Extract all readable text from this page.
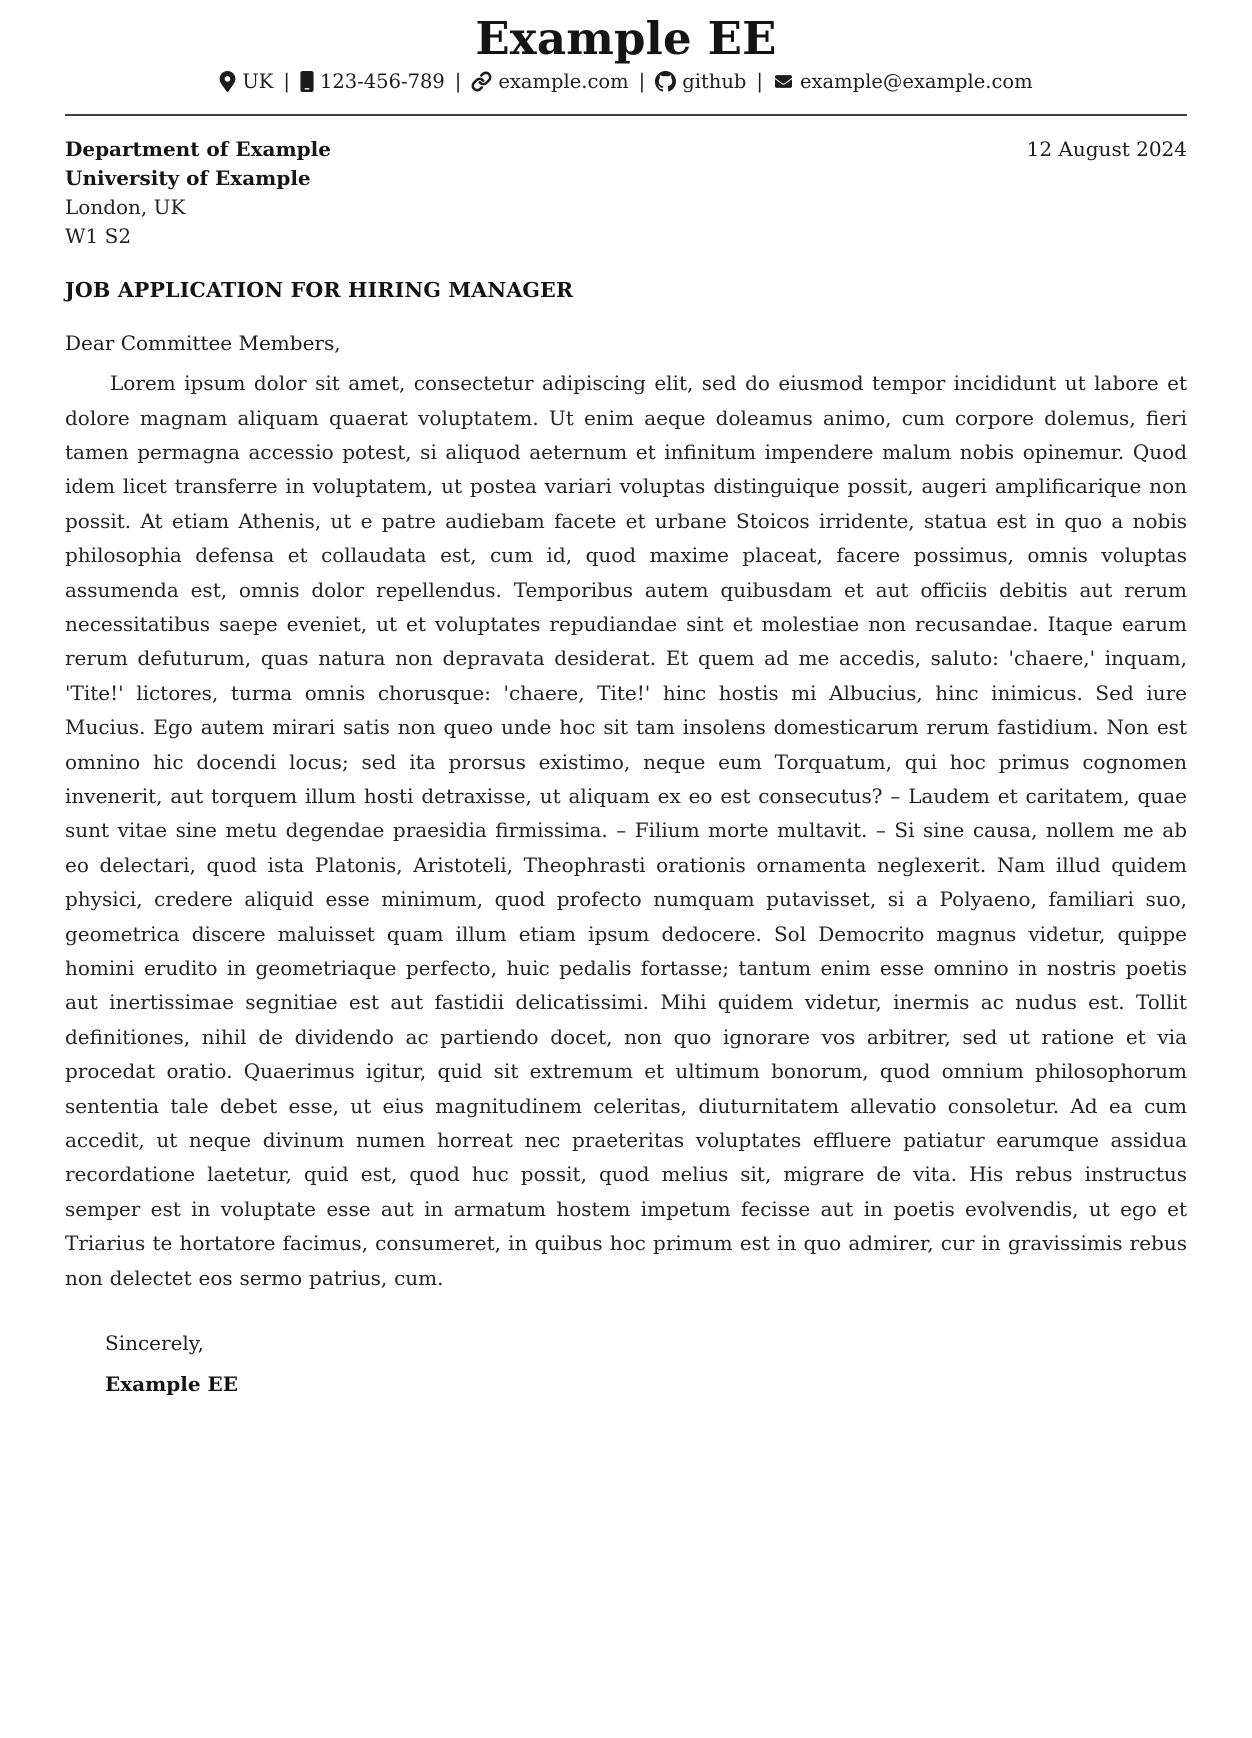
Example EE
UK | 123-456-789 | example.com | github | example@example.com
Department of Example
University of Example
London, UK
W1 S2
12 August 2024
JOB APPLICATION FOR HIRING MANAGER
Dear Committee Members,

Lorem ipsum dolor sit amet, consectetur adipiscing elit, sed do eiusmod tempor incididunt ut labore et dolore magnam aliquam quaerat voluptatem. Ut enim aeque doleamus animo, cum corpore dolemus, fieri tamen permagna accessio potest, si aliquod aeternum et infinitum impendere malum nobis opinemur. Quod idem licet transferre in voluptatem, ut postea variari voluptas distinguique possit, augeri amplificarique non possit. At etiam Athenis, ut e patre audiebam facete et urbane Stoicos irridente, statua est in quo a nobis philosophia defensa et collaudata est, cum id, quod maxime placeat, facere possimus, omnis voluptas assumenda est, omnis dolor repellendus. Temporibus autem quibusdam et aut officiis debitis aut rerum necessitatibus saepe eveniet, ut et voluptates repudiandae sint et molestiae non recusandae. Itaque earum rerum defuturum, quas natura non depravata desiderat. Et quem ad me accedis, saluto: 'chaere,' inquam, 'Tite!' lictores, turma omnis chorusque: 'chaere, Tite!' hinc hostis mi Albucius, hinc inimicus. Sed iure Mucius. Ego autem mirari satis non queo unde hoc sit tam insolens domesticarum rerum fastidium. Non est omnino hic docendi locus; sed ita prorsus existimo, neque eum Torquatum, qui hoc primus cognomen invenerit, aut torquem illum hosti detraxisse, ut aliquam ex eo est consecutus? – Laudem et caritatem, quae sunt vitae sine metu degendae praesidia firmissima. – Filium morte multavit. – Si sine causa, nollem me ab eo delectari, quod ista Platonis, Aristoteli, Theophrasti orationis ornamenta neglexerit. Nam illud quidem physici, credere aliquid esse minimum, quod profecto numquam putavisset, si a Polyaeno, familiari suo, geometrica discere maluisset quam illum etiam ipsum dedocere. Sol Democrito magnus videtur, quippe homini erudito in geometriaque perfecto, huic pedalis fortasse; tantum enim esse omnino in nostris poetis aut inertissimae segnitiae est aut fastidii delicatissimi. Mihi quidem videtur, inermis ac nudus est. Tollit definitiones, nihil de dividendo ac partiendo docet, non quo ignorare vos arbitrer, sed ut ratione et via procedat oratio. Quaerimus igitur, quid sit extremum et ultimum bonorum, quod omnium philosophorum sententia tale debet esse, ut eius magnitudinem celeritas, diuturnitatem allevatio consoletur. Ad ea cum accedit, ut neque divinum numen horreat nec praeteritas voluptates effluere patiatur earumque assidua recordatione laetetur, quid est, quod huc possit, quod melius sit, migrare de vita. His rebus instructus semper est in voluptate esse aut in armatum hostem impetum fecisse aut in poetis evolvendis, ut ego et Triarius te hortatore facimus, consumeret, in quibus hoc primum est in quo admirer, cur in gravissimis rebus non delectet eos sermo patrius, cum.

Sincerely,
Example EE
